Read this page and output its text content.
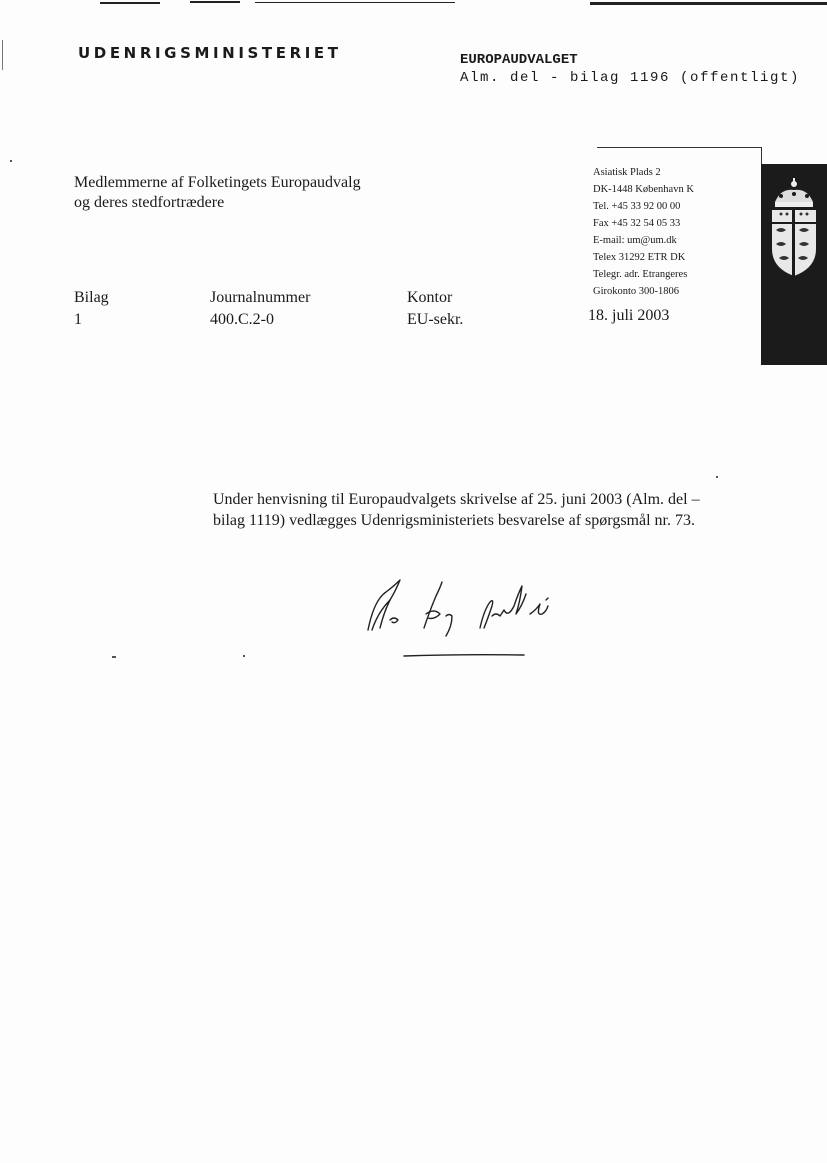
UDENRIGSMINISTERIET	EUROPAUDVALGET
Alm. del - bilag 1196 (offentligt)
Medlemmerne af Folketingets Europaudvalg
og deres stedfortrædere
Asiatisk Plads 2
DK-1448 København K
Tel. +45 33 92 00 00
Fax +45 32 54 05 33
E-mail: um@um.dk
Telex 31292 ETR DK
Telegr. adr. Etrangeres
Girokonto 300-1806
Bilag
1
Journalnummer
400.C.2-0
Kontor
EU-sekr.	18. juli 2003
Under henvisning til Europaudvalgets skrivelse af 25. juni 2003 (Alm. del –
bilag 1119) vedlægges Udenrigsministeriets besvarelse af spørgsmål nr. 73.
